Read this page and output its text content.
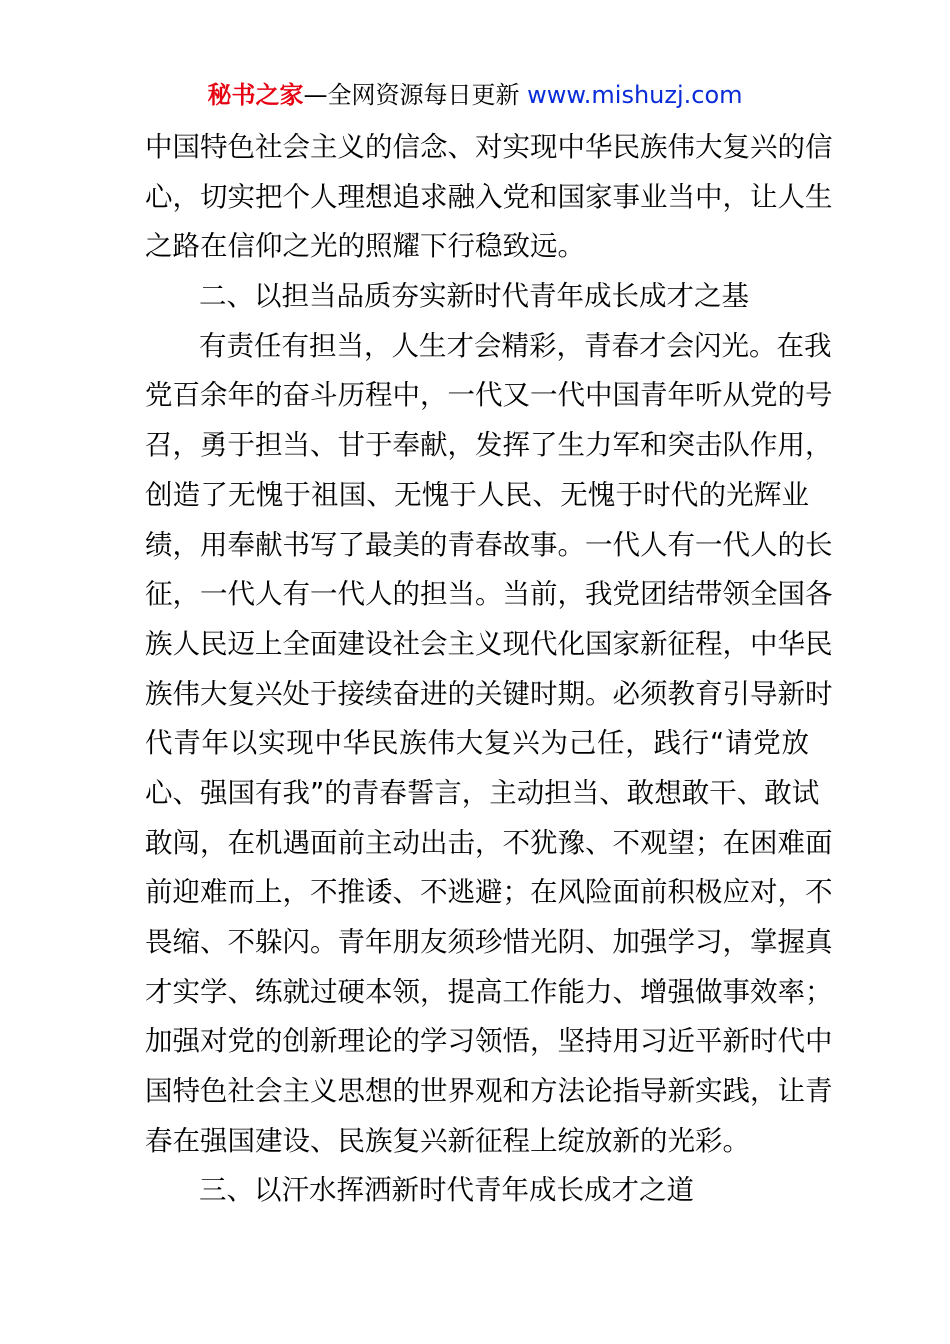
秘书之家—全网资源每日更新 www.mishuzj.com
中国特色社会主义的信念、对实现中华民族伟大复兴的信
心，切实把个人理想追求融入党和国家事业当中，让人生
之路在信仰之光的照耀下行稳致远。
二、以担当品质夯实新时代青年成长成才之基
有责任有担当，人生才会精彩，青春才会闪光。在我
党百余年的奋斗历程中，一代又一代中国青年听从党的号
召，勇于担当、甘于奉献，发挥了生力军和突击队作用，
创造了无愧于祖国、无愧于人民、无愧于时代的光辉业
绩，用奉献书写了最美的青春故事。一代人有一代人的长
征，一代人有一代人的担当。当前，我党团结带领全国各
族人民迈上全面建设社会主义现代化国家新征程，中华民
族伟大复兴处于接续奋进的关键时期。必须教育引导新时
代青年以实现中华民族伟大复兴为己任，践行“请党放
心、强国有我”的青春誓言，主动担当、敢想敢干、敢试
敢闯，在机遇面前主动出击，不犹豫、不观望；在困难面
前迎难而上，不推诿、不逃避；在风险面前积极应对，不
畏缩、不躲闪。青年朋友须珍惜光阴、加强学习，掌握真
才实学、练就过硬本领，提高工作能力、增强做事效率；
加强对党的创新理论的学习领悟，坚持用习近平新时代中
国特色社会主义思想的世界观和方法论指导新实践，让青
春在强国建设、民族复兴新征程上绽放新的光彩。
三、以汗水挥洒新时代青年成长成才之道
